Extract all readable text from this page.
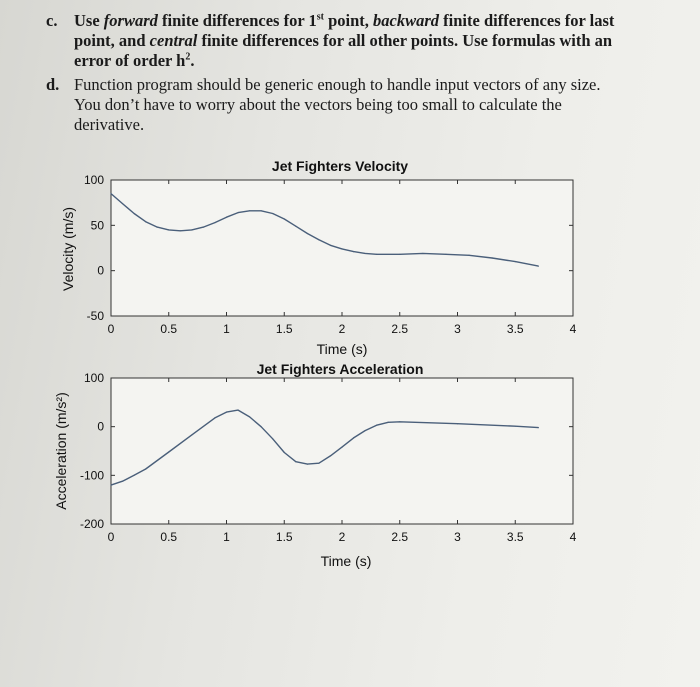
c. Use forward finite differences for 1st point, backward finite differences for last
point, and central finite differences for all other points. Use formulas with an
error of order $h^2$.
d. Function program should be generic enough to handle input vectors of any size.
You don’t have to worry about the vectors being too small to calculate the
derivative.
0	0.5	1	1.5	2	2.5	3	3.5	4
-50
0
50
100
Jet Fighters Velocity
Time (s)
Velocity (m/s)
0	0.5	1	1.5	2	2.5	3	3.5	4
-200
-100
0
100
Jet Fighters Acceleration
Time (s)
Acceleration (m/s²)
